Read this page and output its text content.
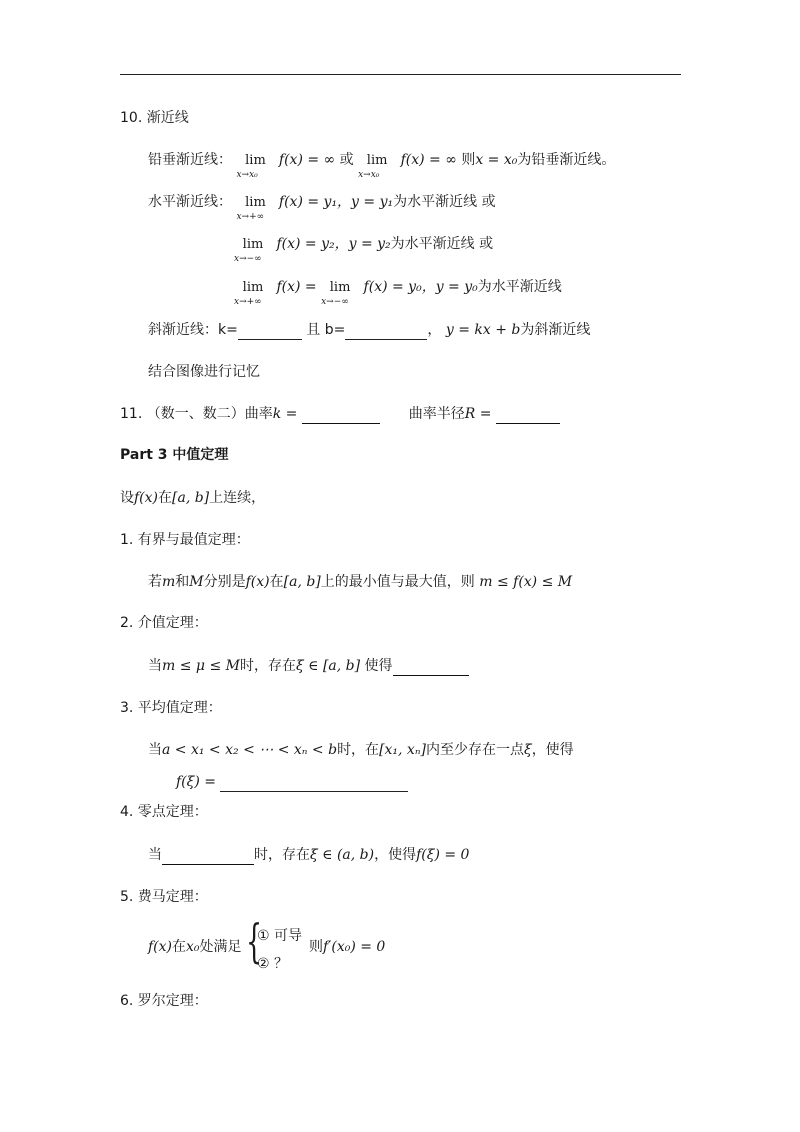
10. 渐近线
铅垂渐近线： lim
x→x₀
f(x) = ∞ 或 lim
x→x₀
f(x) = ∞ 则x = x₀为铅垂渐近线。
水平渐近线： lim
x→+∞
f(x) = y₁，y = y₁为水平渐近线 或
lim
x→−∞
f(x) = y₂，y = y₂为水平渐近线 或
lim
x→+∞
f(x) = lim
x→−∞
f(x) = y₀，y = y₀为水平渐近线
斜渐近线：k=	且 b=	， y = kx + b为斜渐近线
结合图像进行记忆
11. （数一、数二）曲率k =	曲率半径R =
Part 3 中值定理
设f(x)在[a, b]上连续，
1. 有界与最值定理：
若m和M分别是f(x)在[a, b]上的最小值与最大值，则 m ≤ f(x) ≤ M
2. 介值定理：
当m ≤ μ ≤ M时，存在ξ ∈ [a, b] 使得
3. 平均值定理：
当a < x₁ < x₂ < ⋯ < xₙ < b时，在[x₁, xₙ]内至少存在一点ξ，使得
f(ξ) =
4. 零点定理：
当	时，存在ξ ∈ (a, b)，使得f(ξ) = 0
5. 费马定理：
f(x)在x₀处满足 {
① 可导
② ？
则f′(x₀) = 0
6. 罗尔定理：
